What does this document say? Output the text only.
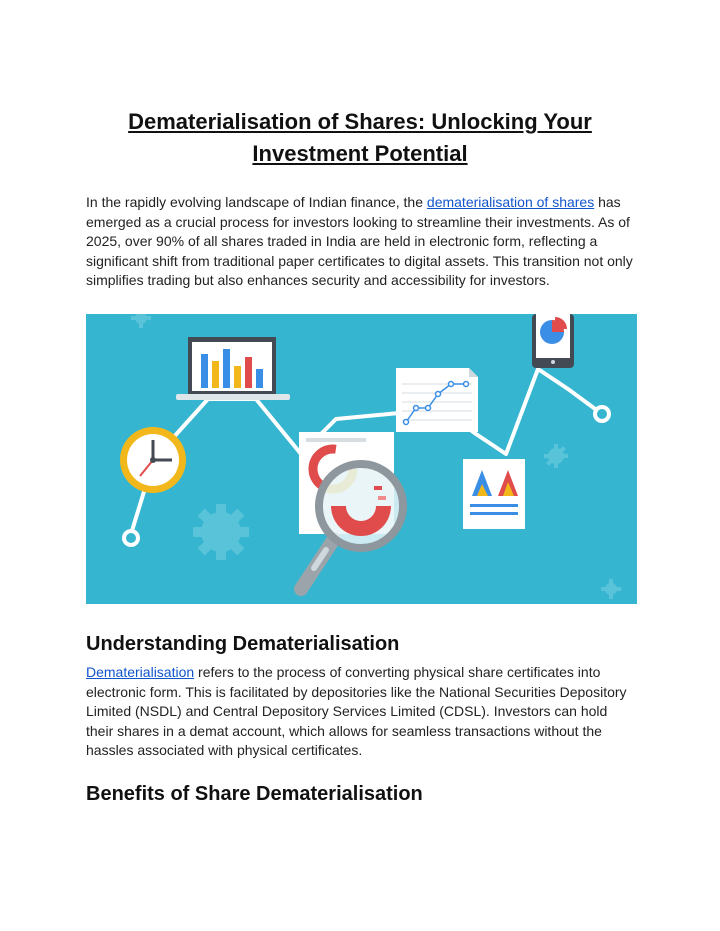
Dematerialisation of Shares: Unlocking Your Investment Potential

In the rapidly evolving landscape of Indian finance, the dematerialisation of shares has emerged as a crucial process for investors looking to streamline their investments. As of 2025, over 90% of all shares traded in India are held in electronic form, reflecting a significant shift from traditional paper certificates to digital assets. This transition not only simplifies trading but also enhances security and accessibility for investors.

Understanding Dematerialisation

Dematerialisation refers to the process of converting physical share certificates into electronic form. This is facilitated by depositories like the National Securities Depository Limited (NSDL) and Central Depository Services Limited (CDSL). Investors can hold their shares in a demat account, which allows for seamless transactions without the hassles associated with physical certificates.

Benefits of Share Dematerialisation
